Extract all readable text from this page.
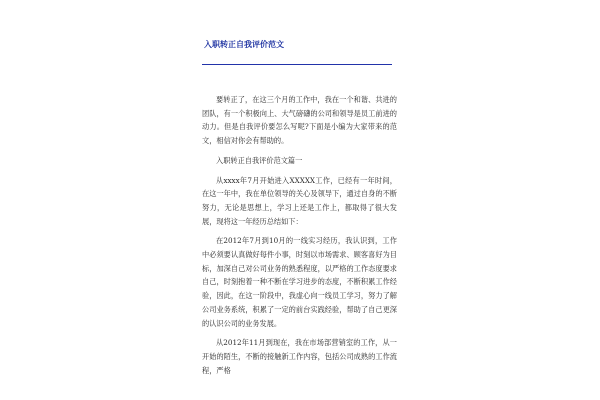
入职转正自我评价范文

要转正了，在这三个月的工作中，我在一个和谐、共进的团队，有一个积极向上、大气磅礴的公司和领导是员工前进的动力。但是自我评价要怎么写呢?下面是小编为大家带来的范文，相信对你会有帮助的。

入职转正自我评价范文篇一

从xxxx年7月开始进入XXXXX工作，已经有一年时间，在这一年中，我在单位领导的关心及领导下，通过自身的不断努力，无论是思想上，学习上还是工作上，都取得了很大发展，现将这一年经历总结如下：

在2012年7月到10月的一线实习经历，我认识到，工作中必须要认真做好每件小事，时刻以市场需求、顾客喜好为目标，加深自己对公司业务的熟悉程度，以严格的工作态度要求自己，时刻抱着一种不断在学习进步的态度，不断积累工作经验，因此，在这一阶段中，我虚心向一线员工学习，努力了解公司业务系统，积累了一定的前台实践经验，帮助了自己更深的认识公司的业务发展。

从2012年11月到现在，我在市场部营销室的工作，从一开始的陌生，不断的接触新工作内容，包括公司成熟的工作流程，严格
